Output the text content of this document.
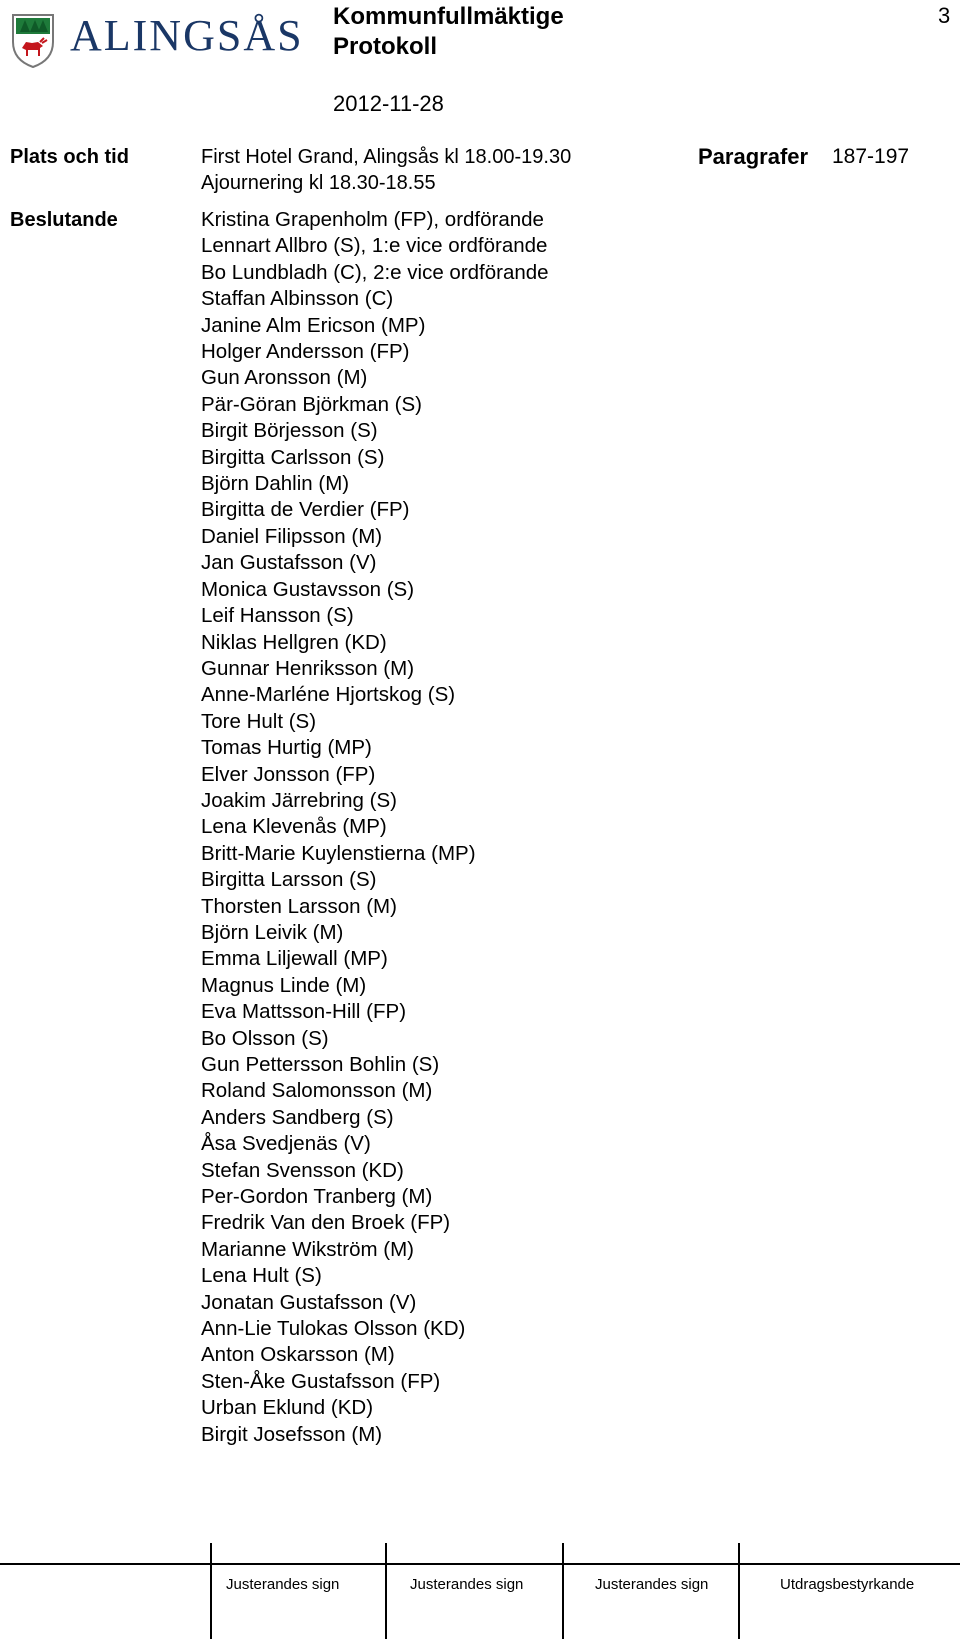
ALINGSÅS Kommunfullmäktige
Protokoll
3
2012-11-28
Plats och tid	First Hotel Grand, Alingsås kl 18.00-19.30
Ajournering kl 18.30-18.55
Paragrafer 187-197
Beslutande	Kristina Grapenholm (FP), ordförande
Lennart Allbro (S), 1:e vice ordförande
Bo Lundbladh (C), 2:e vice ordförande
Staffan Albinsson (C)
Janine Alm Ericson (MP)
Holger Andersson (FP)
Gun Aronsson (M)
Pär-Göran Björkman (S)
Birgit Börjesson (S)
Birgitta Carlsson (S)
Björn Dahlin (M)
Birgitta de Verdier (FP)
Daniel Filipsson (M)
Jan Gustafsson (V)
Monica Gustavsson (S)
Leif Hansson (S)
Niklas Hellgren (KD)
Gunnar Henriksson (M)
Anne-Marléne Hjortskog (S)
Tore Hult (S)
Tomas Hurtig (MP)
Elver Jonsson (FP)
Joakim Järrebring (S)
Lena Klevenås (MP)
Britt-Marie Kuylenstierna (MP)
Birgitta Larsson (S)
Thorsten Larsson (M)
Björn Leivik (M)
Emma Liljewall (MP)
Magnus Linde (M)
Eva Mattsson-Hill (FP)
Bo Olsson (S)
Gun Pettersson Bohlin (S)
Roland Salomonsson (M)
Anders Sandberg (S)
Åsa Svedjenäs (V)
Stefan Svensson (KD)
Per-Gordon Tranberg (M)
Fredrik Van den Broek (FP)
Marianne Wikström (M)
Lena Hult (S)
Jonatan Gustafsson (V)
Ann-Lie Tulokas Olsson (KD)
Anton Oskarsson (M)
Sten-Åke Gustafsson (FP)
Urban Eklund (KD)
Birgit Josefsson (M)
Justerandes sign	Justerandes sign	Justerandes sign	Utdragsbestyrkande
